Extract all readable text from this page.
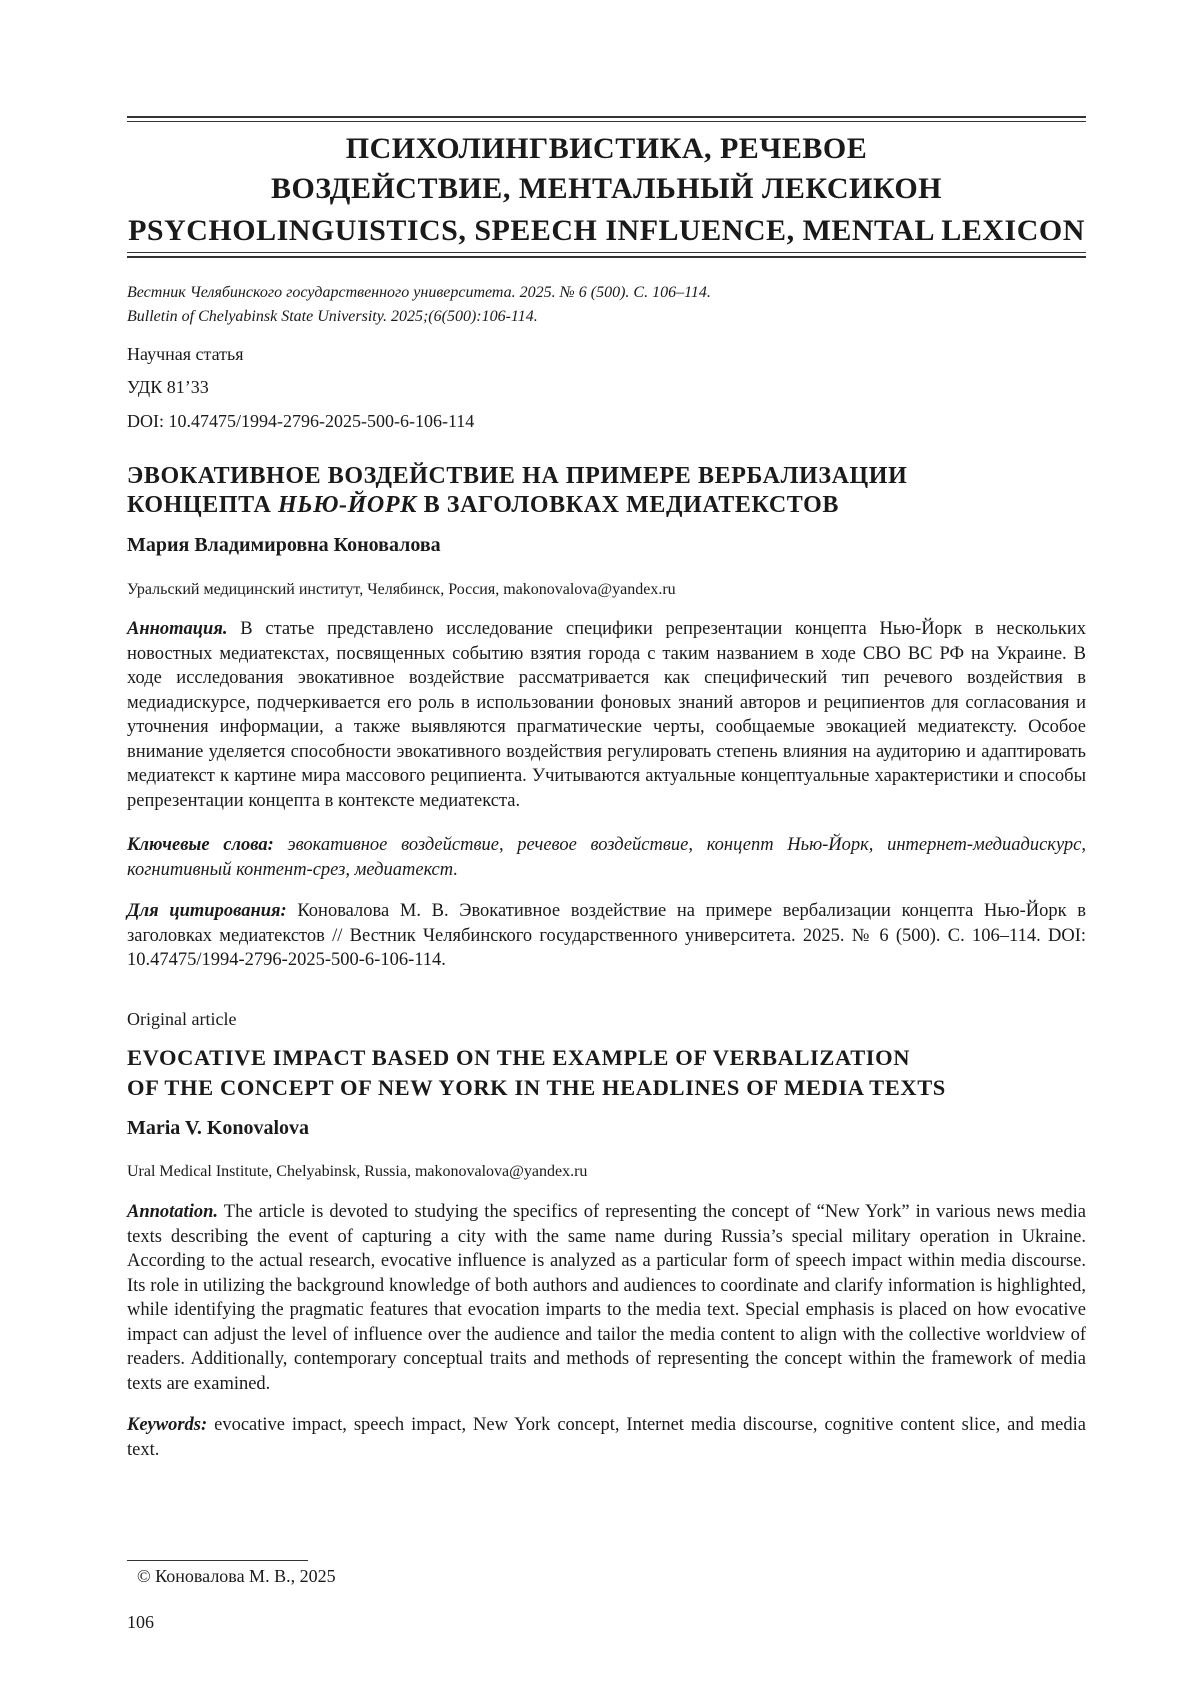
ПСИХОЛИНГВИСТИКА, РЕЧЕВОЕ
ВОЗДЕЙСТВИЕ, МЕНТАЛЬНЫЙ ЛЕКСИКОН
PSYCHOLINGUISTICS, SPEECH INFLUENCE, MENTAL LEXICON
Вестник Челябинского государственного университета. 2025. № 6 (500). С. 106–114.
Bulletin of Chelyabinsk State University. 2025;(6(500):106-114.
Научная статья
УДК 81’33
DOI: 10.47475/1994-2796-2025-500-6-106-114
ЭВОКАТИВНОЕ ВОЗДЕЙСТВИЕ НА ПРИМЕРЕ ВЕРБАЛИЗАЦИИ
КОНЦЕПТА НЬЮ-ЙОРК В ЗАГОЛОВКАХ МЕДИАТЕКСТОВ
Мария Владимировна Коновалова
Уральский медицинский институт, Челябинск, Россия, makonovalova@yandex.ru
Аннотация. В статье представлено исследование специфики репрезентации концепта Нью-Йорк в нескольких новостных медиатекстах, посвященных событию взятия города с таким названием в ходе СВО ВС РФ на Украине. В ходе исследования эвокативное воздействие рассматривается как специфический тип речевого воздействия в медиадискурсе, подчеркивается его роль в использовании фоновых знаний авторов и реципиентов для согласования и уточнения информации, а также выявляются прагматические черты, сообщаемые эвокацией медиатексту. Особое внимание уделяется способности эвокативного воздействия регулировать степень влияния на аудиторию и адаптировать медиатекст к картине мира массового реципиента. Учитываются актуальные концептуальные характеристики и способы репрезентации концепта в контексте медиатекста.
Ключевые слова: эвокативное воздействие, речевое воздействие, концепт Нью-Йорк, интернет-медиадискурс, когнитивный контент-срез, медиатекст.
Для цитирования: Коновалова М. В. Эвокативное воздействие на примере вербализации концепта Нью-Йорк в заголовках медиатекстов // Вестник Челябинского государственного университета. 2025. № 6 (500). С. 106–114. DOI: 10.47475/1994-2796-2025-500-6-106-114.
Original article
EVOCATIVE IMPACT BASED ON THE EXAMPLE OF VERBALIZATION
OF THE CONCEPT OF NEW YORK IN THE HEADLINES OF MEDIA TEXTS
Maria V. Konovalova
Ural Medical Institute, Chelyabinsk, Russia, makonovalova@yandex.ru
Annotation. The article is devoted to studying the specifics of representing the concept of “New York” in various news media texts describing the event of capturing a city with the same name during Russia’s special military operation in Ukraine. According to the actual research, evocative influence is analyzed as a particular form of speech impact within media discourse. Its role in utilizing the background knowledge of both authors and audiences to coordinate and clarify information is highlighted, while identifying the pragmatic features that evocation imparts to the media text. Special emphasis is placed on how evocative impact can adjust the level of influence over the audience and tailor the media content to align with the collective worldview of readers. Additionally, contemporary conceptual traits and methods of representing the concept within the framework of media texts are examined.
Keywords: evocative impact, speech impact, New York concept, Internet media discourse, cognitive content slice, and media text.
© Коновалова М. В., 2025
106
